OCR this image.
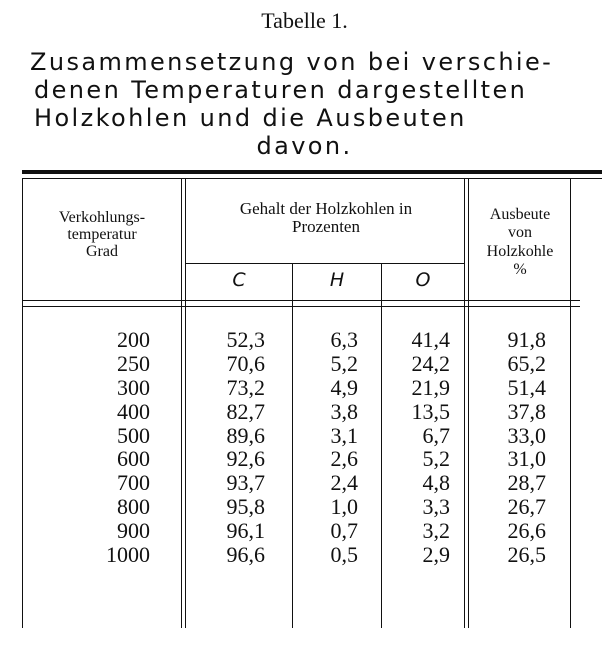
Tabelle 1.
Zusammensetzung von bei verschie-
denen Temperaturen dargestellten
Holzkohlen und die Ausbeuten
davon.
Verkohlungs-
temperatur
Grad
Gehalt der Holzkohlen in
Prozenten
Ausbeute
von
Holzkohle
%
C	H	O
200
250
300
400
500
600
700
800
900
1000
52,3
70,6
73,2
82,7
89,6
92,6
93,7
95,8
96,1
96,6
6,3
5,2
4,9
3,8
3,1
2,6
2,4
1,0
0,7
0,5
41,4
24,2
21,9
13,5
6,7
5,2
4,8
3,3
3,2
2,9
91,8
65,2
51,4
37,8
33,0
31,0
28,7
26,7
26,6
26,5
